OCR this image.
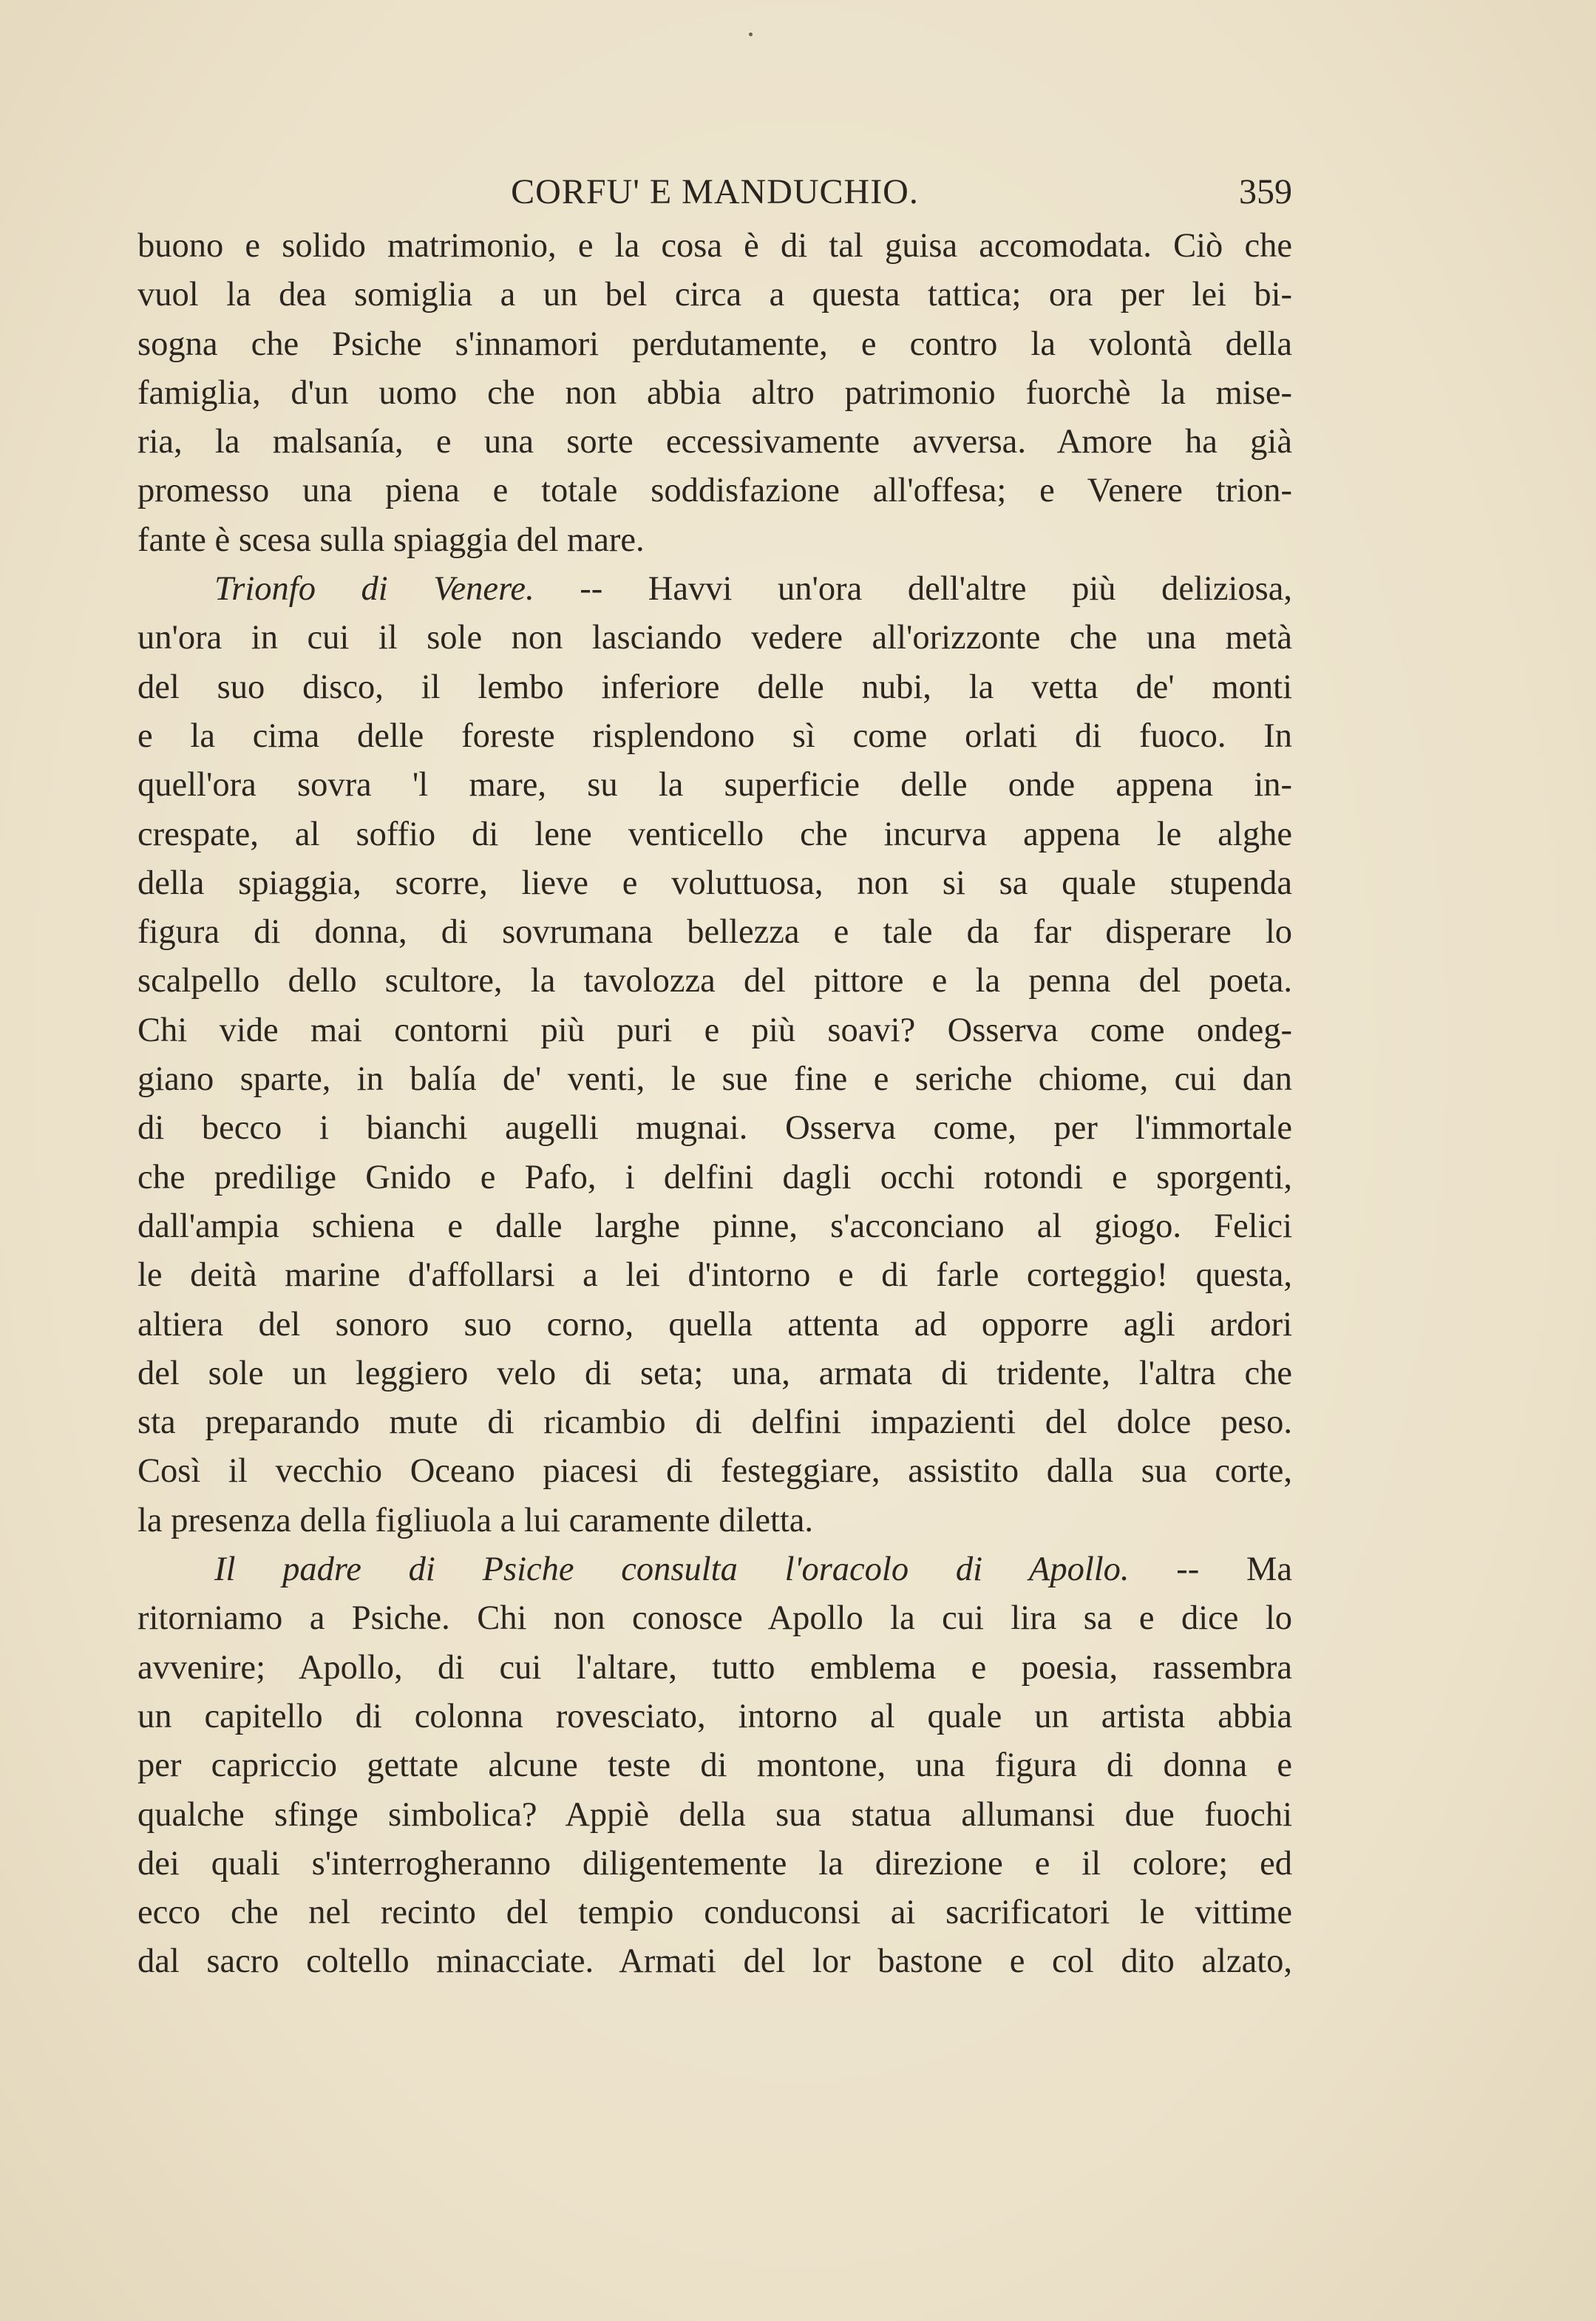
CORFU' E MANDUCHIO.	359
buono e solido matrimonio, e la cosa è di tal guisa accomodata. Ciò che
vuol la dea somiglia a un bel circa a questa tattica; ora per lei bi-
sogna che Psiche s'innamori perdutamente, e contro la volontà della
famiglia, d'un uomo che non abbia altro patrimonio fuorchè la mise-
ria, la malsanía, e una sorte eccessivamente avversa. Amore ha già
promesso una piena e totale soddisfazione all'offesa; e Venere trion-
fante è scesa sulla spiaggia del mare.
Trionfo di Venere. -- Havvi un'ora dell'altre più deliziosa,
un'ora in cui il sole non lasciando vedere all'orizzonte che una metà
del suo disco, il lembo inferiore delle nubi, la vetta de' monti
e la cima delle foreste risplendono sì come orlati di fuoco. In
quell'ora sovra 'l mare, su la superficie delle onde appena in-
crespate, al soffio di lene venticello che incurva appena le alghe
della spiaggia, scorre, lieve e voluttuosa, non si sa quale stupenda
figura di donna, di sovrumana bellezza e tale da far disperare lo
scalpello dello scultore, la tavolozza del pittore e la penna del poeta.
Chi vide mai contorni più puri e più soavi? Osserva come ondeg-
giano sparte, in balía de' venti, le sue fine e seriche chiome, cui dan
di becco i bianchi augelli mugnai. Osserva come, per l'immortale
che predilige Gnido e Pafo, i delfini dagli occhi rotondi e sporgenti,
dall'ampia schiena e dalle larghe pinne, s'acconciano al giogo. Felici
le deità marine d'affollarsi a lei d'intorno e di farle corteggio! questa,
altiera del sonoro suo corno, quella attenta ad opporre agli ardori
del sole un leggiero velo di seta; una, armata di tridente, l'altra che
sta preparando mute di ricambio di delfini impazienti del dolce peso.
Così il vecchio Oceano piacesi di festeggiare, assistito dalla sua corte,
la presenza della figliuola a lui caramente diletta.
Il padre di Psiche consulta l'oracolo di Apollo. -- Ma
ritorniamo a Psiche. Chi non conosce Apollo la cui lira sa e dice lo
avvenire; Apollo, di cui l'altare, tutto emblema e poesia, rassembra
un capitello di colonna rovesciato, intorno al quale un artista abbia
per capriccio gettate alcune teste di montone, una figura di donna e
qualche sfinge simbolica? Appiè della sua statua allumansi due fuochi
dei quali s'interrogheranno diligentemente la direzione e il colore; ed
ecco che nel recinto del tempio conduconsi ai sacrificatori le vittime
dal sacro coltello minacciate. Armati del lor bastone e col dito alzato,
